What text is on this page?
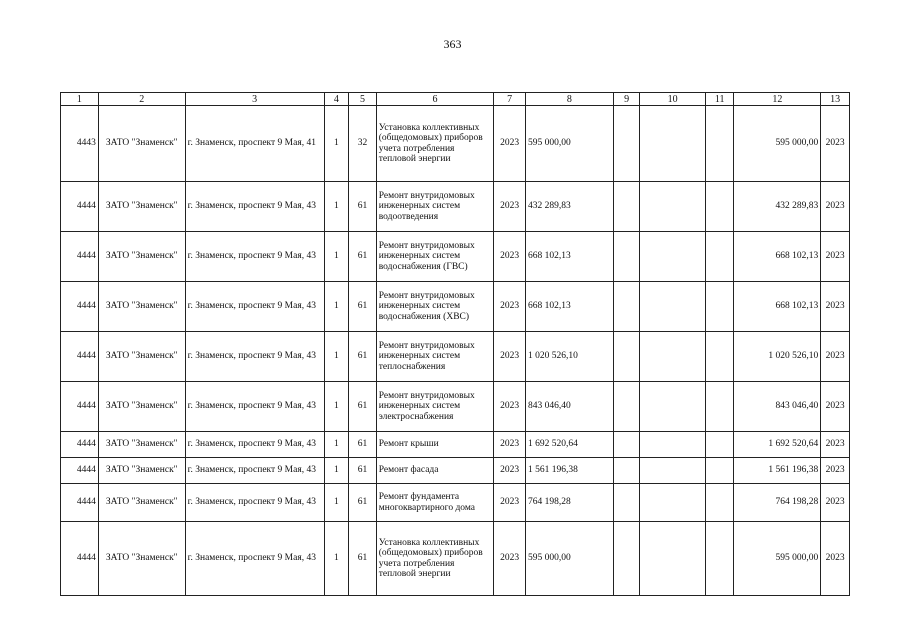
363
1	2	3	4	5	6	7	8	9	10	11	12	13
4443	ЗАТО "Знаменск"	г. Знаменск, проспект 9 Мая, 41	1	32	Установка коллективных (общедомовых) приборов учета потребления тепловой энергии	2023	595 000,00				595 000,00	2023
4444	ЗАТО "Знаменск"	г. Знаменск, проспект 9 Мая, 43	1	61	Ремонт внутридомовых инженерных систем водоотведения	2023	432 289,83				432 289,83	2023
4444	ЗАТО "Знаменск"	г. Знаменск, проспект 9 Мая, 43	1	61	Ремонт внутридомовых инженерных систем водоснабжения (ГВС)	2023	668 102,13				668 102,13	2023
4444	ЗАТО "Знаменск"	г. Знаменск, проспект 9 Мая, 43	1	61	Ремонт внутридомовых инженерных систем водоснабжения (ХВС)	2023	668 102,13				668 102,13	2023
4444	ЗАТО "Знаменск"	г. Знаменск, проспект 9 Мая, 43	1	61	Ремонт внутридомовых инженерных систем теплоснабжения	2023	1 020 526,10				1 020 526,10	2023
4444	ЗАТО "Знаменск"	г. Знаменск, проспект 9 Мая, 43	1	61	Ремонт внутридомовых инженерных систем электроснабжения	2023	843 046,40				843 046,40	2023
4444	ЗАТО "Знаменск"	г. Знаменск, проспект 9 Мая, 43	1	61	Ремонт крыши	2023	1 692 520,64				1 692 520,64	2023
4444	ЗАТО "Знаменск"	г. Знаменск, проспект 9 Мая, 43	1	61	Ремонт фасада	2023	1 561 196,38				1 561 196,38	2023
4444	ЗАТО "Знаменск"	г. Знаменск, проспект 9 Мая, 43	1	61	Ремонт фундамента многоквартирного дома	2023	764 198,28				764 198,28	2023
4444	ЗАТО "Знаменск"	г. Знаменск, проспект 9 Мая, 43	1	61	Установка коллективных (общедомовых) приборов учета потребления тепловой энергии	2023	595 000,00				595 000,00	2023
